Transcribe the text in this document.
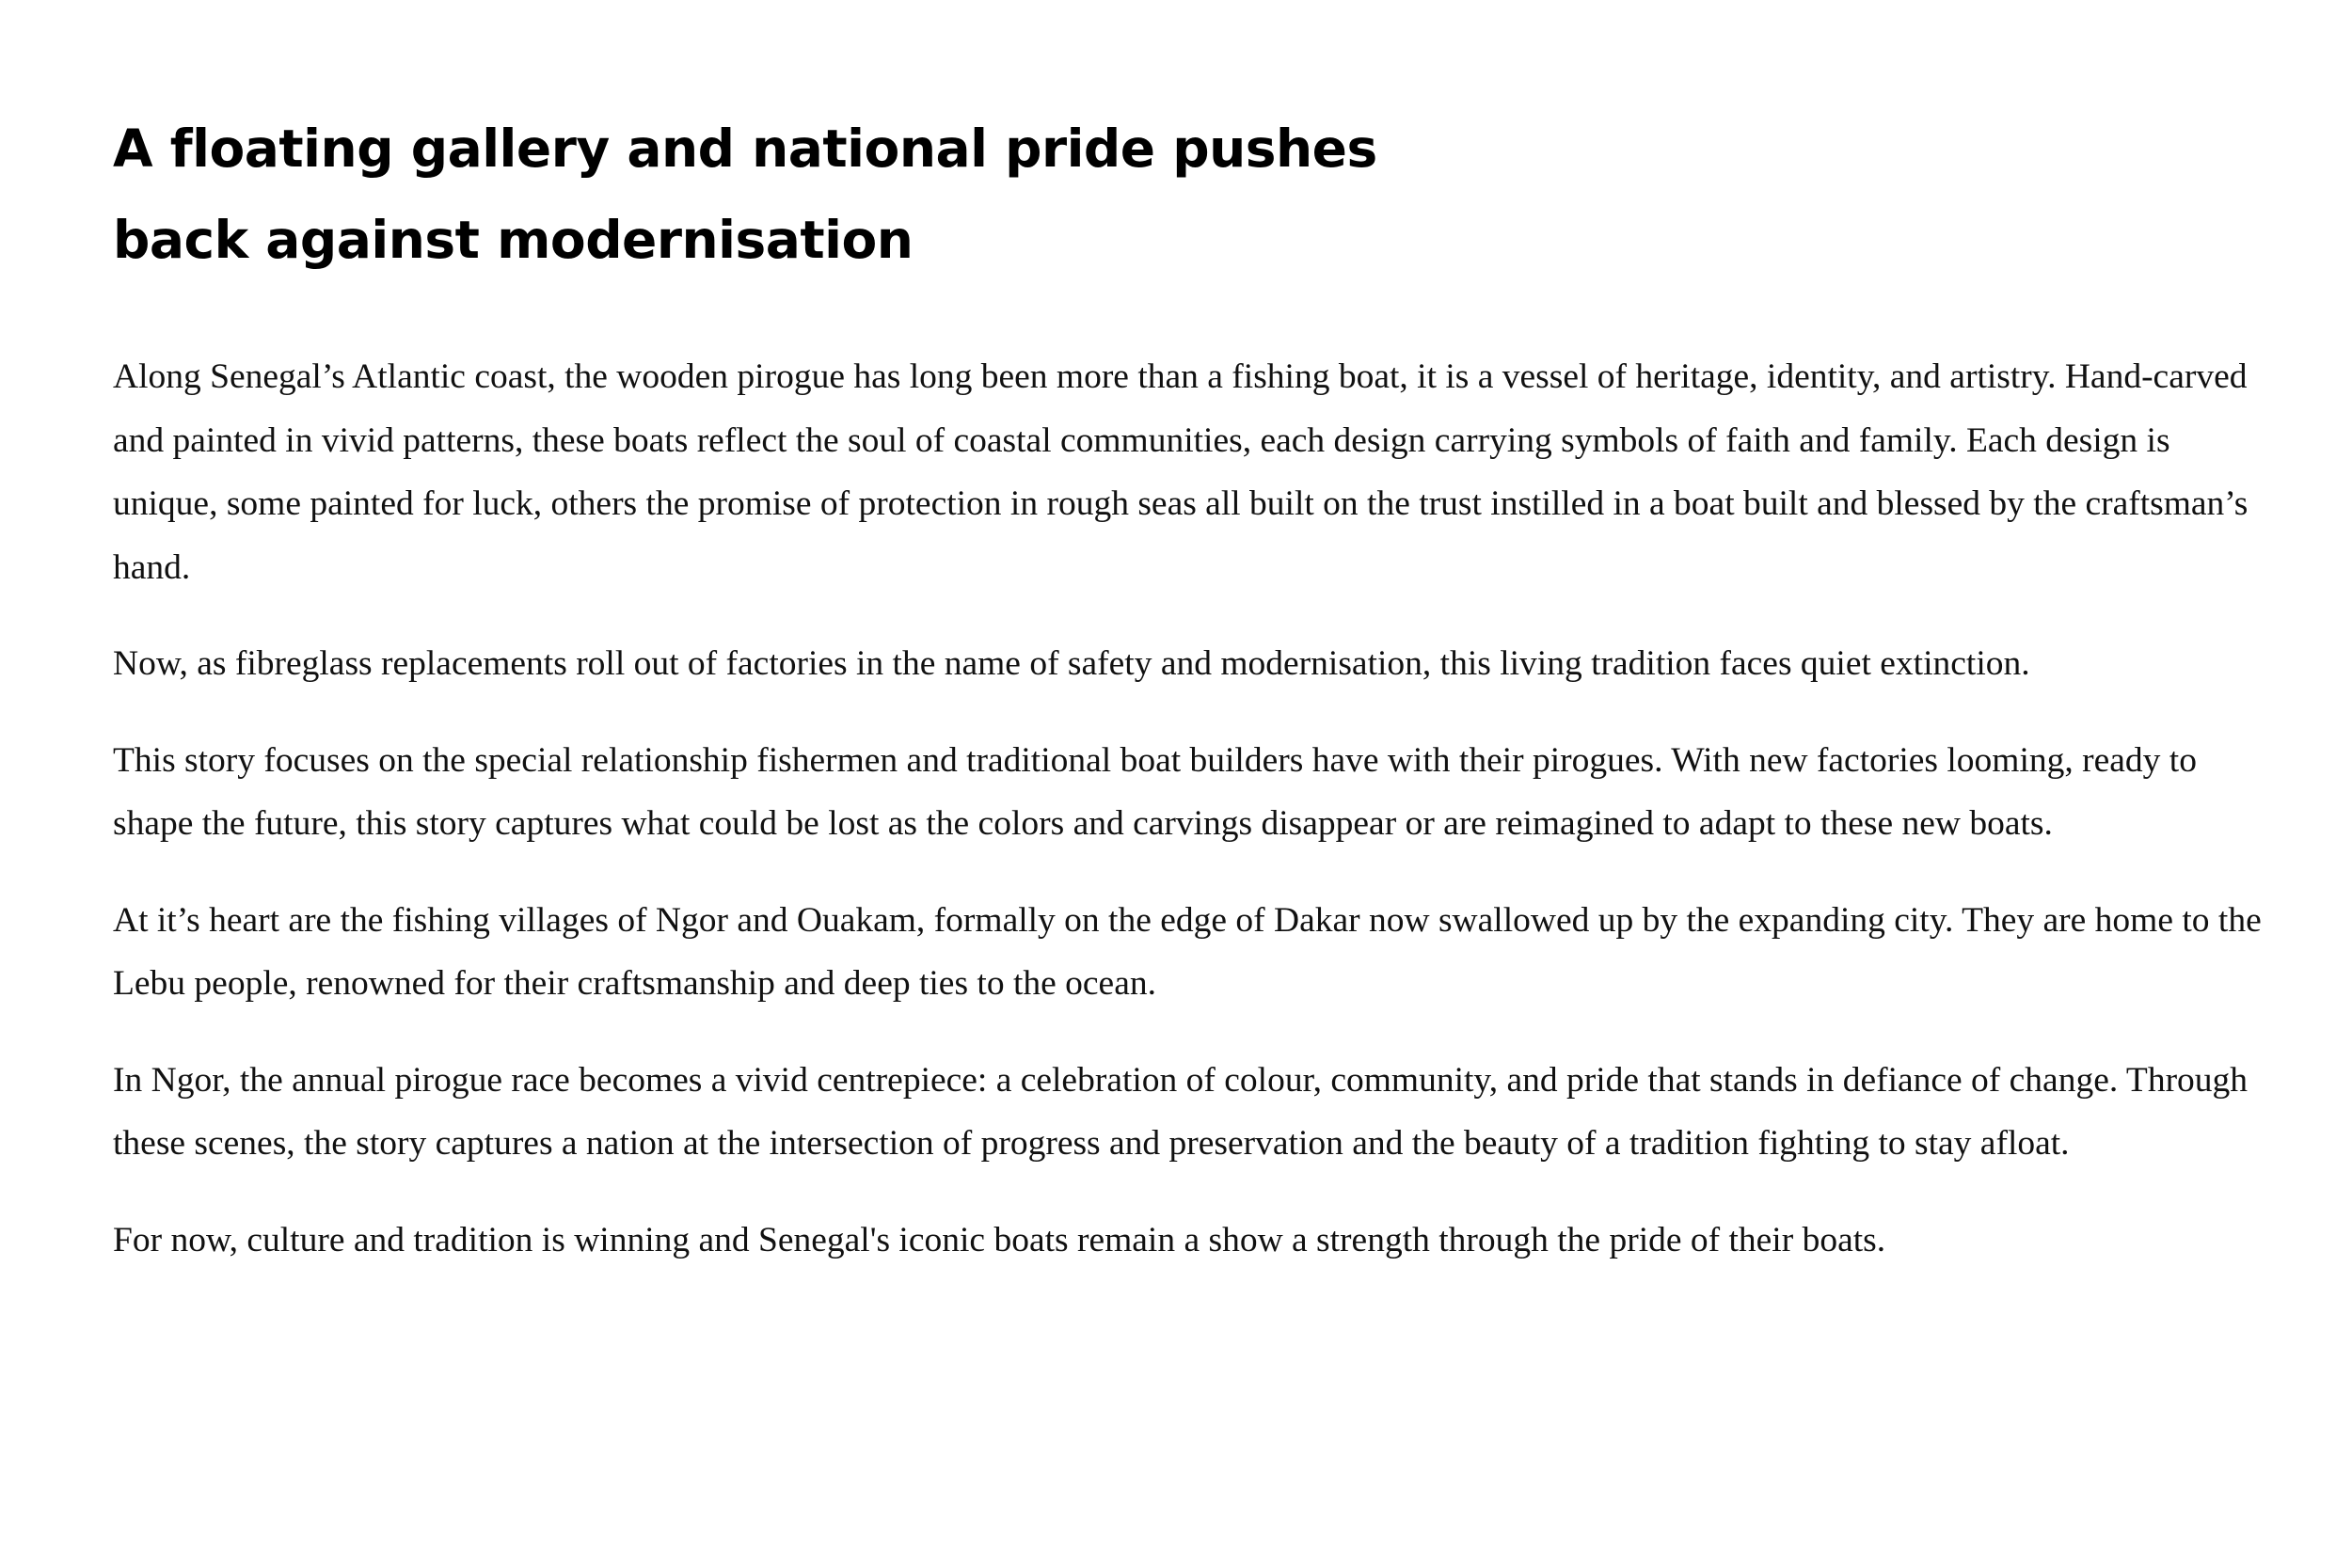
A floating gallery and national pride pushes back against modernisation

Along Senegal’s Atlantic coast, the wooden pirogue has long been more than a fishing boat, it is a vessel of heritage, identity, and artistry. Hand-carved and painted in vivid patterns, these boats reflect the soul of coastal communities, each design carrying symbols of faith and family. Each design is unique, some painted for luck, others the promise of protection in rough seas all built on the trust instilled in a boat built and blessed by the craftsman’s hand.

Now, as fibreglass replacements roll out of factories in the name of safety and modernisation, this living tradition faces quiet extinction.

This story focuses on the special relationship fishermen and traditional boat builders have with their pirogues. With new factories looming, ready to shape the future, this story captures what could be lost as the colors and carvings disappear or are reimagined to adapt to these new boats.

At it’s heart are the fishing villages of Ngor and Ouakam, formally on the edge of Dakar now swallowed up by the expanding city. They are home to the Lebu people, renowned for their craftsmanship and deep ties to the ocean.

In Ngor, the annual pirogue race becomes a vivid centrepiece: a celebration of colour, community, and pride that stands in defiance of change. Through these scenes, the story captures a nation at the intersection of progress and preservation and the beauty of a tradition fighting to stay afloat.

For now, culture and tradition is winning and Senegal's iconic boats remain a show a strength through the pride of their boats.
